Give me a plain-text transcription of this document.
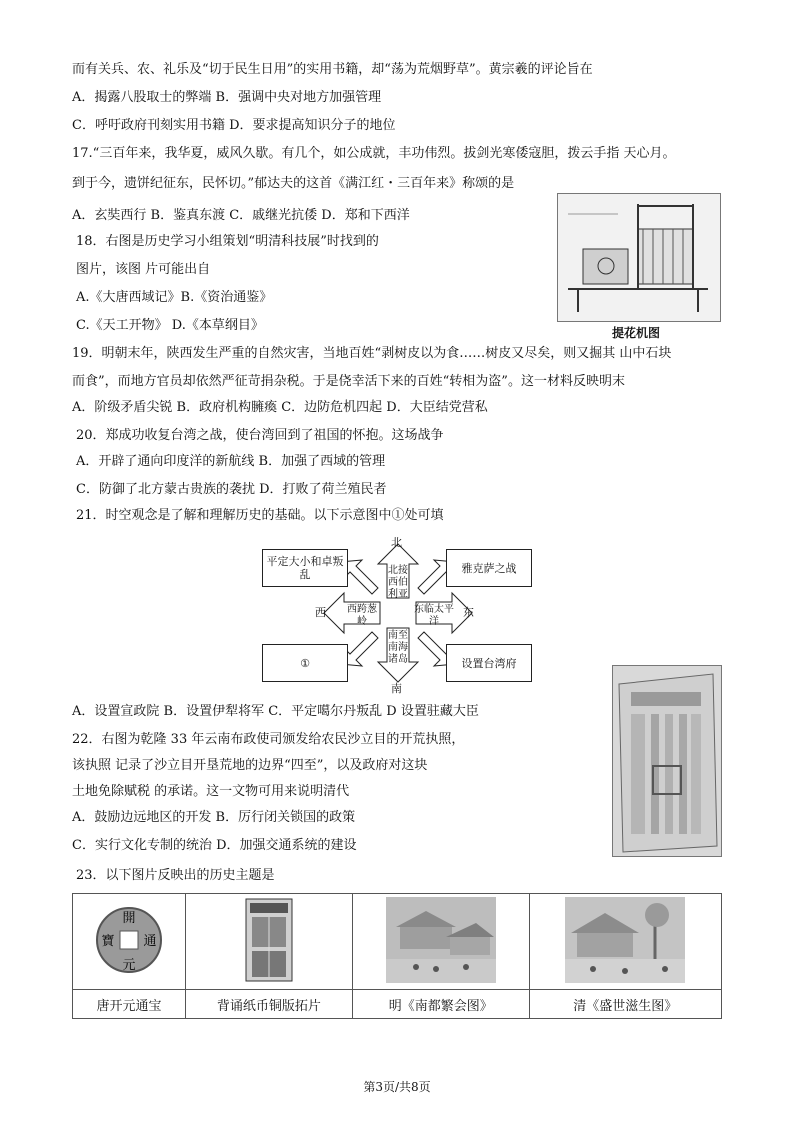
而有关兵、农、礼乐及“切于民生日用”的实用书籍，却“荡为荒烟野草”。黄宗羲的评论旨在
A．揭露八股取士的弊端 B．强调中央对地方加强管理
C．呼吁政府刊刻实用书籍 D．要求提高知识分子的地位
17.“三百年来，我华夏，威风久歇。有几个，如公成就，丰功伟烈。拔剑光寒倭寇胆，拨云手指 天心月。
到于今，遗饼纪征东，民怀切。”郁达夫的这首《满江红・三百年来》称颂的是
A．玄奘西行 B．鉴真东渡 C．戚继光抗倭 D．郑和下西洋
18．右图是历史学习小组策划“明清科技展”时找到的
图片，该图 片可能出自
A.《大唐西域记》B.《资治通鉴》
C.《天工开物》 D.《本草纲目》	提花机图
19．明朝末年，陕西发生严重的自然灾害，当地百姓“剥树皮以为食……树皮又尽矣，则又掘其 山中石块
而食”，而地方官员却依然严征苛捐杂税。于是侥幸活下来的百姓“转相为盗”。这一材料反映明末
A．阶级矛盾尖锐 B．政府机构臃瘓 C．边防危机四起 D．大臣结党营私
20．郑成功收复台湾之战，使台湾回到了祖国的怀抱。这场战争
A．开辟了通向印度洋的新航线 B．加强了西域的管理
C．防御了北方蒙古贵族的袭扰 D．打败了荷兰殖民者
21．时空观念是了解和理解历史的基础。以下示意图中①处可填
北
南
西	东
北接西伯利亚
西跨葱岭
东临太平洋
南至南海诸岛
平定大小和卓叛乱	雅克萨之战
①	设置台湾府
A．设置宣政院 B．设置伊犁将军 C．平定噶尔丹叛乱 D 设置驻藏大臣
22．右图为乾隆 33 年云南布政使司颁发给农民沙立目的开荒执照，
该执照 记录了沙立目开垦荒地的边界“四至”，以及政府对这块
土地免除赋税 的承诺。这一文物可用来说明清代
A．鼓励边远地区的开发 B．厉行闭关锁国的政策
C．实行文化专制的统治 D．加强交通系统的建设
23．以下图片反映出的历史主题是
開
元
通
寶

唐开元通宝	背诵纸币铜版拓片	明《南都繁会图》	清《盛世滋生图》
第3页/共8页
